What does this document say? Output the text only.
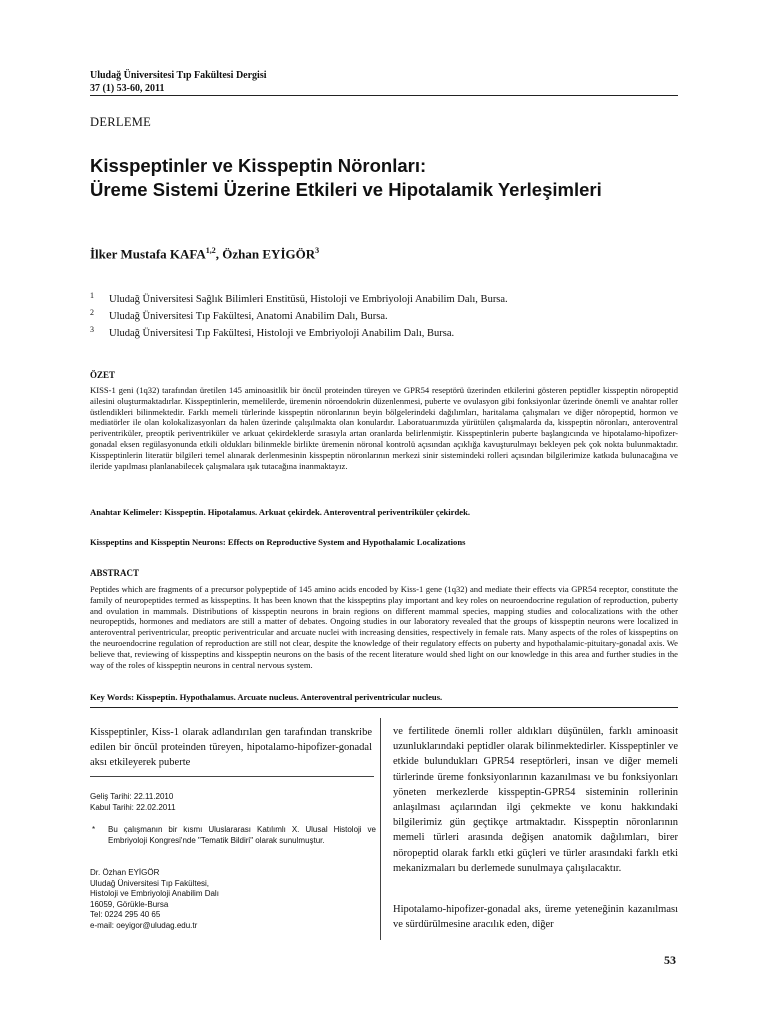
Uludağ Üniversitesi Tıp Fakültesi Dergisi
37 (1) 53-60, 2011
DERLEME
Kisspeptinler ve Kisspeptin Nöronları:
Üreme Sistemi Üzerine Etkileri ve Hipotalamik Yerleşimleri
İlker Mustafa KAFA$^{1,2}$, Özhan EYİGÖR$^3$
1 Uludağ Üniversitesi Sağlık Bilimleri Enstitüsü, Histoloji ve Embriyoloji Anabilim Dalı, Bursa.
2 Uludağ Üniversitesi Tıp Fakültesi, Anatomi Anabilim Dalı, Bursa.
3 Uludağ Üniversitesi Tıp Fakültesi, Histoloji ve Embriyoloji Anabilim Dalı, Bursa.
ÖZET
KISS-1 geni (1q32) tarafından üretilen 145 aminoasitlik bir öncül proteinden türeyen ve GPR54 reseptörü üzerinden etkilerini gösteren peptidler kisspeptin nöropeptid ailesini oluşturmaktadırlar. Kisspeptinlerin, memelilerde, üremenin nöroendokrin düzenlenmesi, puberte ve ovulasyon gibi fonksiyonlar üzerinde önemli ve anahtar roller üstlendikleri bilinmektedir. Farklı memeli türlerinde kisspeptin nöronlarının beyin bölgelerindeki dağılımları, haritalama çalışmaları ve diğer nöropeptid, hormon ve mediatörler ile olan kolokalizasyonları da halen üzerinde çalışılmakta olan konulardır. Laboratuarımızda yürütülen çalışmalarda da, kisspeptin nöronları, anteroventral periventriküler, preoptik periventriküler ve arkuat çekirdeklerde sırasıyla artan oranlarda belirlenmiştir. Kisspeptinlerin puberte başlangıcında ve hipotalamo-hipofizer-gonadal eksen regülasyonunda etkili oldukları bilinmekle birlikte üremenin nöronal kontrolü açısından açıklığa kavuşturulmayı bekleyen pek çok nokta bulunmaktadır. Kisspeptinlerin literatür bilgileri temel alınarak derlenmesinin kisspeptin nöronlarının merkezi sinir sistemindeki rolleri açısından bilgilerimize katkıda bulunacağına ve ileride yapılması planlanabilecek çalışmalara ışık tutacağına inanmaktayız.
Anahtar Kelimeler: Kisspeptin. Hipotalamus. Arkuat çekirdek. Anteroventral periventriküler çekirdek.
Kisspeptins and Kisspeptin Neurons: Effects on Reproductive System and Hypothalamic Localizations
ABSTRACT
Peptides which are fragments of a precursor polypeptide of 145 amino acids encoded by Kiss-1 gene (1q32) and mediate their effects via GPR54 receptor, constitute the family of neuropeptides termed as kisspeptins. It has been known that the kisspeptins play important and key roles on neuroendocrine regulation of reproduction, puberty and ovulation in mammals. Distributions of kisspeptin neurons in brain regions on different mammal species, mapping studies and colocalizations with the other neuropeptids, hormones and mediators are still a matter of debates. Ongoing studies in our laboratory revealed that the groups of kisspeptin neurons were localized in anteroventral periventricular, preoptic periventricular and arcuate nuclei with increasing densities, respectively in female rats. Many aspects of the roles of kisspeptins on the neuroendocrine regulation of reproduction are still not clear, despite the knowledge of their regulatory effects on puberty and hypothalamic-pituitary-gonadal axis. We believe that, reviewing of kisspeptins and kisspeptin neurons on the basis of the recent literature would shed light on our knowledge in this area and further studies in the way of the roles of kisspeptin neurons in central nervous system.
Key Words: Kisspeptin. Hypothalamus. Arcuate nucleus. Anteroventral periventricular nucleus.
Kisspeptinler, Kiss-1 olarak adlandırılan gen tarafından transkribe edilen bir öncül proteinden türeyen, hipotalamo-hipofizer-gonadal aksı etkileyerek puberte
Geliş Tarihi: 22.11.2010
Kabul Tarihi: 22.02.2011
* Bu çalışmanın bir kısmı Uluslararası Katılımlı X. Ulusal Histoloji ve Embriyoloji Kongresi'nde "Tematik Bildiri" olarak sunulmuştur.
Dr. Özhan EYİGÖR
Uludağ Üniversitesi Tıp Fakültesi,
Histoloji ve Embriyoloji Anabilim Dalı
16059, Görükle-Bursa
Tel: 0224 295 40 65
e-mail: oeyigor@uludag.edu.tr
ve fertilitede önemli roller aldıkları düşünülen, farklı aminoasit uzunluklarındaki peptidler olarak bilinmektedirler. Kisspeptinler ve etkide bulundukları GPR54 reseptörleri, insan ve diğer memeli türlerinde üreme fonksiyonlarının kazanılması ve bu fonksiyonları yöneten merkezlerde kisspeptin-GPR54 sisteminin rollerinin anlaşılması açılarından ilgi çekmekte ve konu hakkındaki bilgilerimiz gün geçtikçe artmaktadır. Kisspeptin nöronlarının memeli türleri arasında değişen anatomik dağılımları, birer nöropeptid olarak farklı etki güçleri ve türler arasındaki farklı etki mekanizmaları bu derlemede sunulmaya çalışılacaktır.
Hipotalamo-hipofizer-gonadal aks, üreme yeteneğinin kazanılması ve sürdürülmesine aracılık eden, diğer
53
